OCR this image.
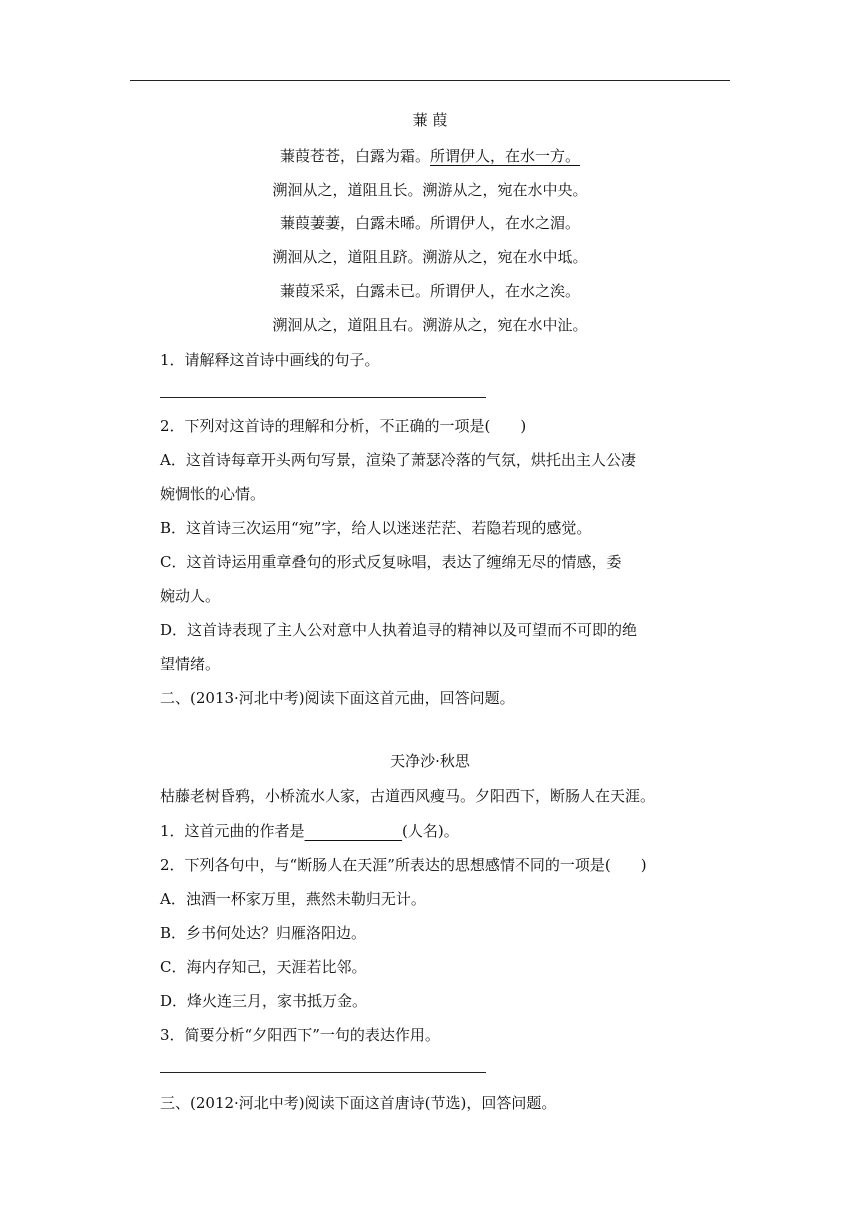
蒹 葭
蒹葭苍苍，白露为霜。所谓伊人，在水一方。
溯洄从之，道阻且长。溯游从之，宛在水中央。
蒹葭萋萋，白露未晞。所谓伊人，在水之湄。
溯洄从之，道阻且跻。溯游从之，宛在水中坻。
蒹葭采采，白露未已。所谓伊人，在水之涘。
溯洄从之，道阻且右。溯游从之，宛在水中沚。
1．请解释这首诗中画线的句子。
2．下列对这首诗的理解和分析，不正确的一项是(　　)
A．这首诗每章开头两句写景，渲染了萧瑟冷落的气氛，烘托出主人公凄
婉惆怅的心情。
B．这首诗三次运用“宛”字，给人以迷迷茫茫、若隐若现的感觉。
C．这首诗运用重章叠句的形式反复咏唱，表达了缠绵无尽的情感，委
婉动人。
D．这首诗表现了主人公对意中人执着追寻的精神以及可望而不可即的绝
望情绪。
二、(2013·河北中考)阅读下面这首元曲，回答问题。
天净沙·秋思
枯藤老树昏鸦，小桥流水人家，古道西风瘦马。夕阳西下，断肠人在天涯。
1．这首元曲的作者是             	(人名)。
2．下列各句中，与“断肠人在天涯”所表达的思想感情不同的一项是(　　)
A．浊酒一杯家万里，燕然未勒归无计。
B．乡书何处达？归雁洛阳边。
C．海内存知己，天涯若比邻。
D．烽火连三月，家书抵万金。
3．简要分析“夕阳西下”一句的表达作用。
三、(2012·河北中考)阅读下面这首唐诗(节选)，回答问题。
